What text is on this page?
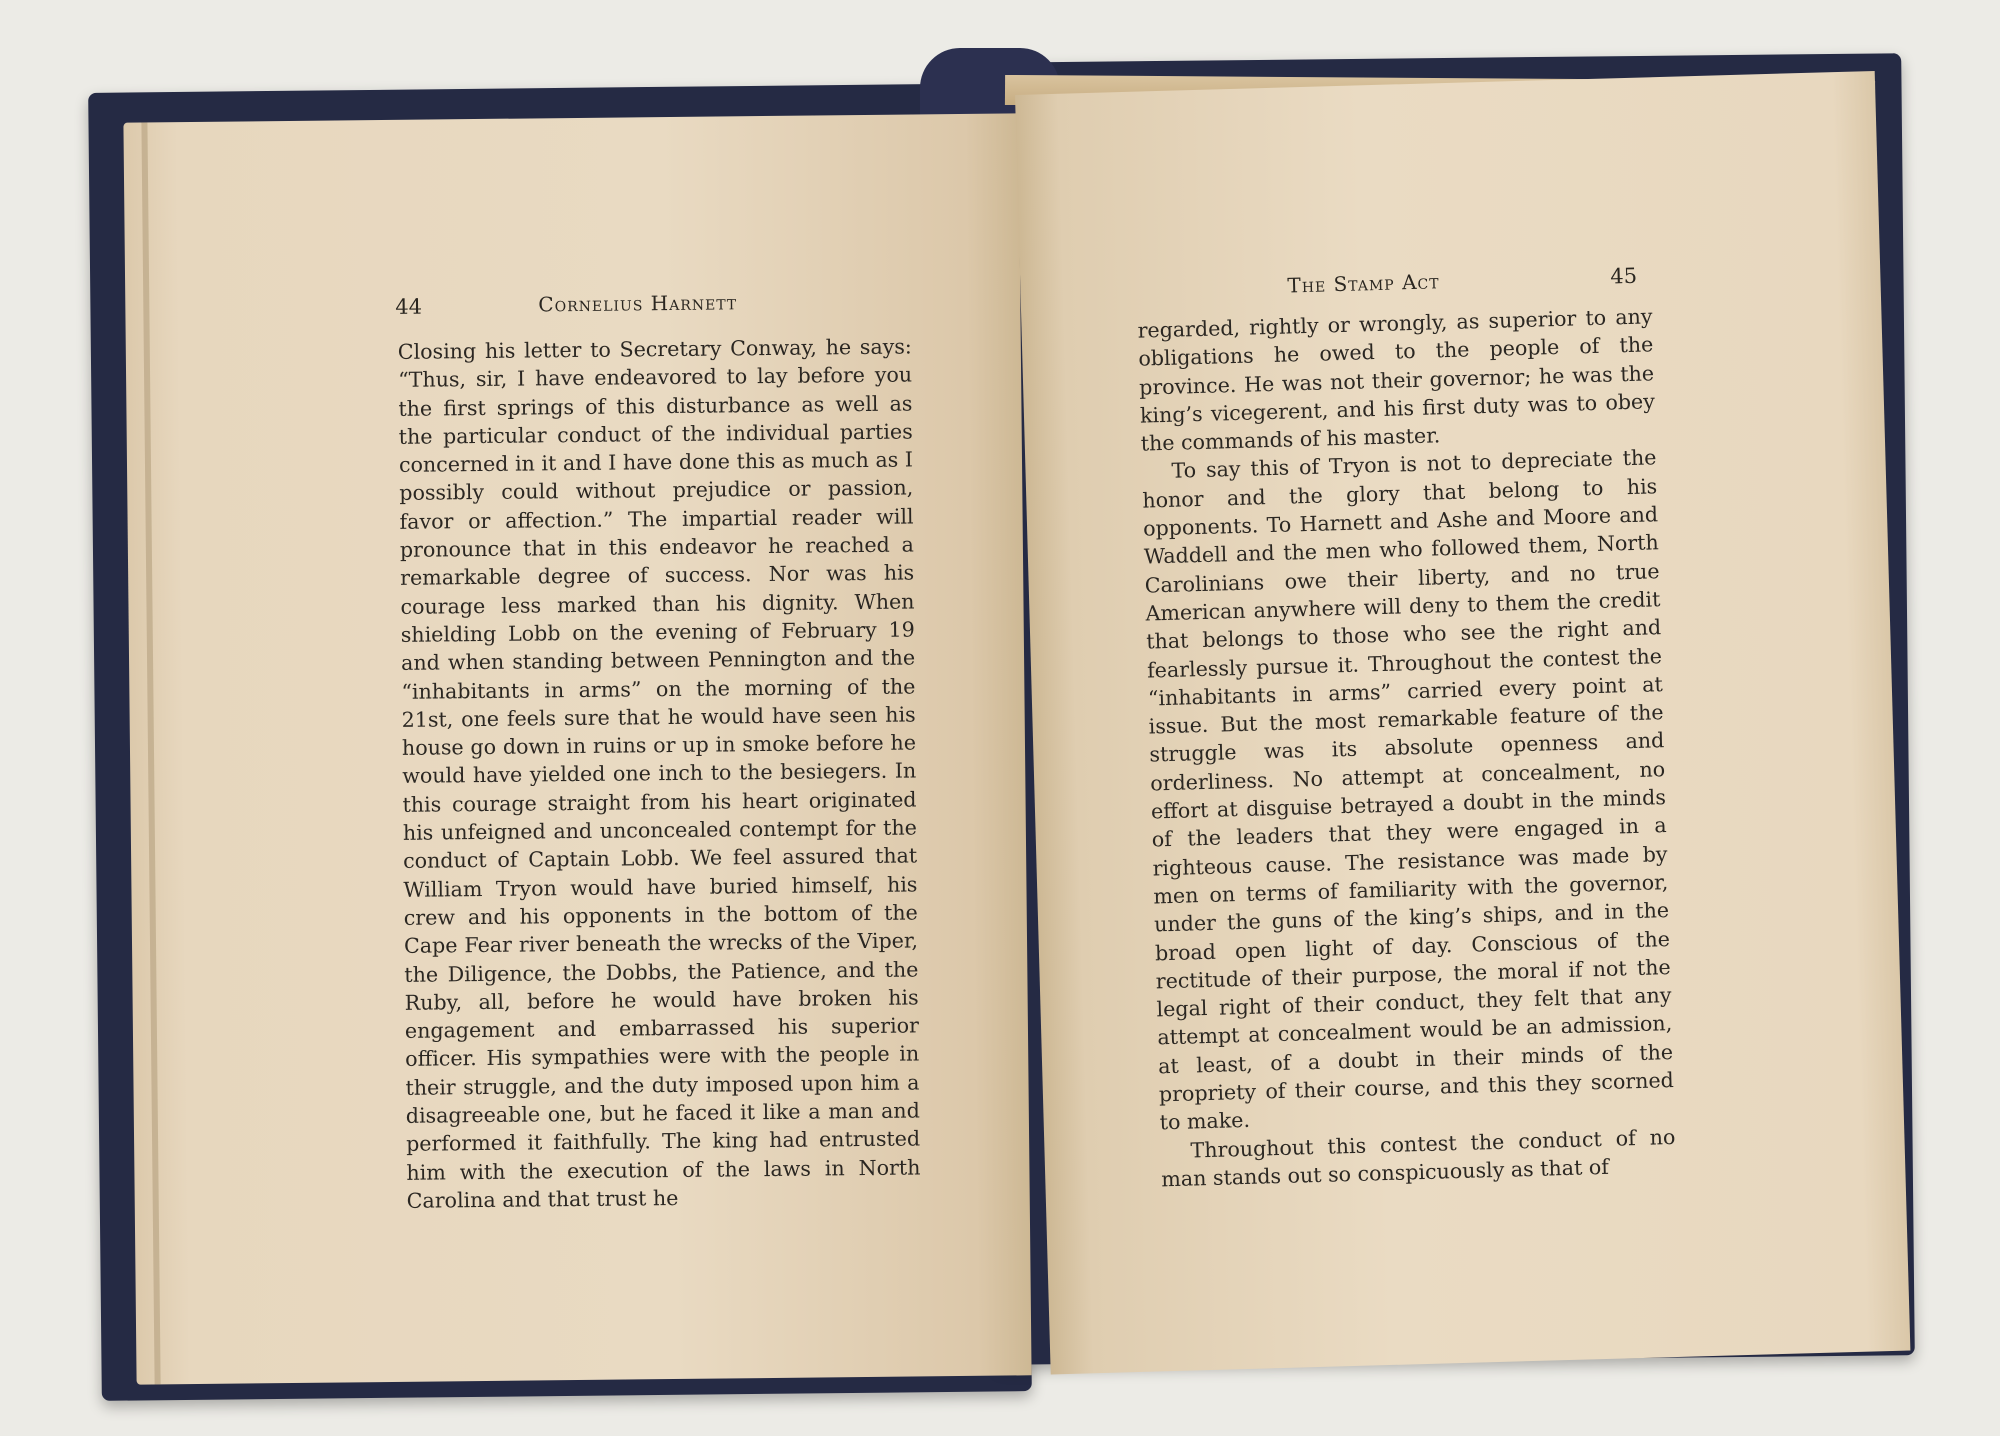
44	Cornelius Harnett

Closing his letter to Secretary Conway, he says: “Thus, sir, I have endeavored to lay before you the first springs of this disturbance as well as the particular conduct of the individual parties concerned in it and I have done this as much as I possibly could without prejudice or passion, favor or affection.” The impartial reader will pronounce that in this endeavor he reached a remarkable degree of success. Nor was his courage less marked than his dignity. When shielding Lobb on the evening of February 19 and when standing between Pennington and the “inhabitants in arms” on the morning of the 21st, one feels sure that he would have seen his house go down in ruins or up in smoke before he would have yielded one inch to the besiegers. In this courage straight from his heart originated his unfeigned and unconcealed contempt for the conduct of Captain Lobb. We feel assured that William Tryon would have buried himself, his crew and his opponents in the bottom of the Cape Fear river beneath the wrecks of the Viper, the Diligence, the Dobbs, the Patience, and the Ruby, all, before he would have broken his engagement and embarrassed his superior officer. His sympathies were with the people in their struggle, and the duty imposed upon him a disagreeable one, but he faced it like a man and performed it faithfully. The king had entrusted him with the execution of the laws in North Carolina and that trust he

The Stamp Act	45

regarded, rightly or wrongly, as superior to any obligations he owed to the people of the province. He was not their governor; he was the king’s vicegerent, and his first duty was to obey the commands of his master.

To say this of Tryon is not to depreciate the honor and the glory that belong to his opponents. To Harnett and Ashe and Moore and Waddell and the men who followed them, North Carolinians owe their liberty, and no true American anywhere will deny to them the credit that belongs to those who see the right and fearlessly pursue it. Throughout the contest the “inhabitants in arms” carried every point at issue. But the most remarkable feature of the struggle was its absolute openness and orderliness. No attempt at concealment, no effort at disguise betrayed a doubt in the minds of the leaders that they were engaged in a righteous cause. The resistance was made by men on terms of familiarity with the governor, under the guns of the king’s ships, and in the broad open light of day. Conscious of the rectitude of their purpose, the moral if not the legal right of their conduct, they felt that any attempt at concealment would be an admission, at least, of a doubt in their minds of the propriety of their course, and this they scorned to make.

Throughout this contest the conduct of no man stands out so conspicuously as that of
